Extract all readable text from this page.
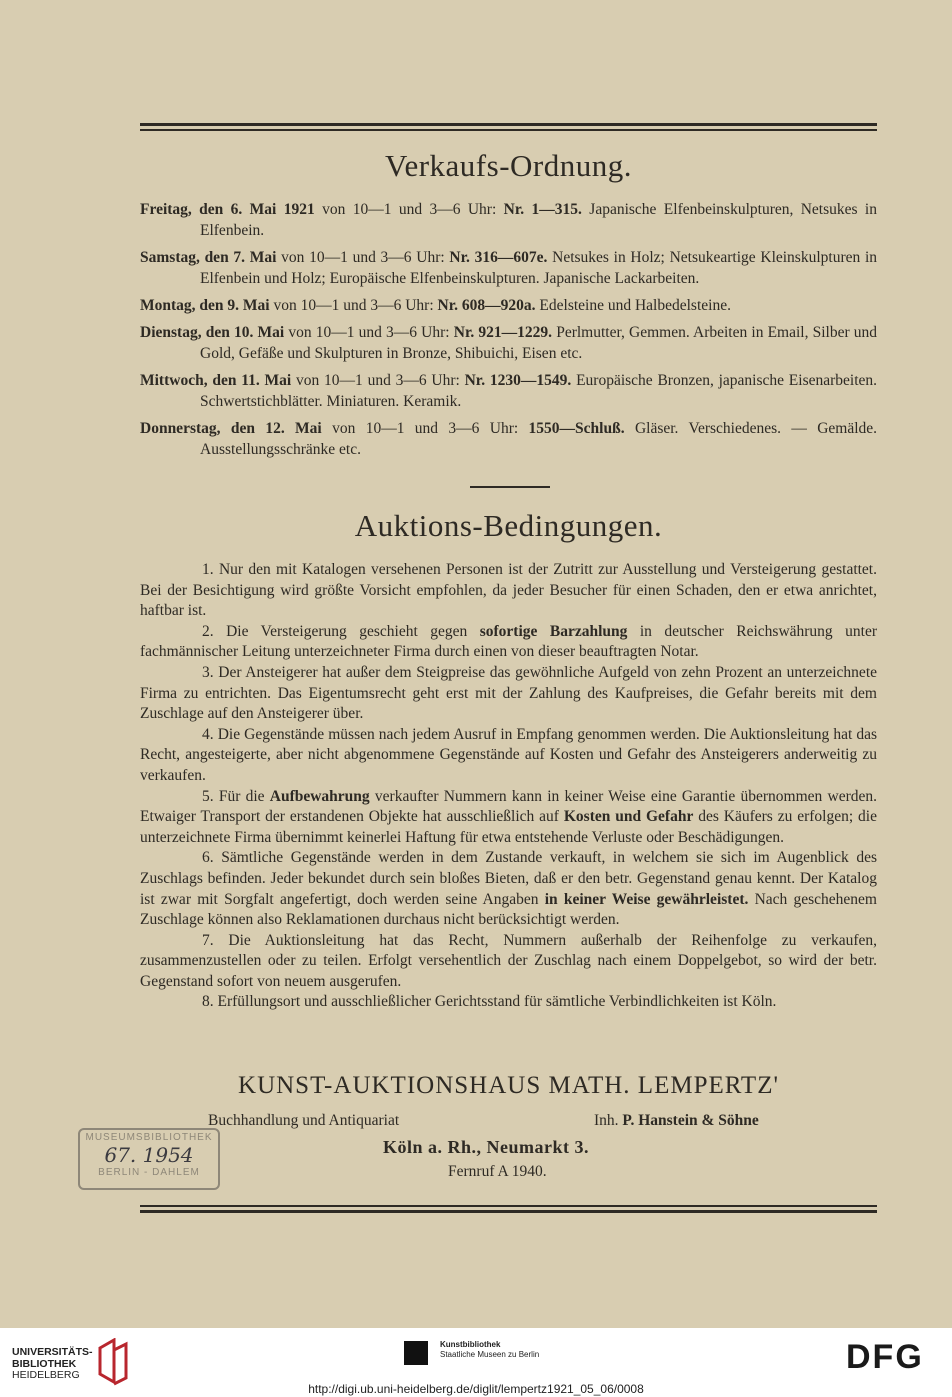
Verkaufs-Ordnung.
Freitag, den 6. Mai 1921 von 10—1 und 3—6 Uhr: Nr. 1—315. Japanische Elfenbeinskulpturen, Netsukes in Elfenbein.
Samstag, den 7. Mai von 10—1 und 3—6 Uhr: Nr. 316—607e. Netsukes in Holz; Netsukeartige Kleinskulpturen in Elfenbein und Holz; Europäische Elfenbeinskulpturen. Japanische Lackarbeiten.
Montag, den 9. Mai von 10—1 und 3—6 Uhr: Nr. 608—920a. Edelsteine und Halbedelsteine.
Dienstag, den 10. Mai von 10—1 und 3—6 Uhr: Nr. 921—1229. Perlmutter, Gemmen. Arbeiten in Email, Silber und Gold, Gefäße und Skulpturen in Bronze, Shibuichi, Eisen etc.
Mittwoch, den 11. Mai von 10—1 und 3—6 Uhr: Nr. 1230—1549. Europäische Bronzen, japanische Eisenarbeiten. Schwertstichblätter. Miniaturen. Keramik.
Donnerstag, den 12. Mai von 10—1 und 3—6 Uhr: 1550—Schluß. Gläser. Verschiedenes. — Gemälde. Ausstellungsschränke etc.
Auktions-Bedingungen.

1. Nur den mit Katalogen versehenen Personen ist der Zutritt zur Ausstellung und Versteigerung gestattet. Bei der Besichtigung wird größte Vorsicht empfohlen, da jeder Besucher für einen Schaden, den er etwa anrichtet, haftbar ist.

2. Die Versteigerung geschieht gegen sofortige Barzahlung in deutscher Reichswährung unter fachmännischer Leitung unterzeichneter Firma durch einen von dieser beauftragten Notar.

3. Der Ansteigerer hat außer dem Steigpreise das gewöhnliche Aufgeld von zehn Prozent an unterzeichnete Firma zu entrichten. Das Eigentumsrecht geht erst mit der Zahlung des Kaufpreises, die Gefahr bereits mit dem Zuschlage auf den Ansteigerer über.

4. Die Gegenstände müssen nach jedem Ausruf in Empfang genommen werden. Die Auktionsleitung hat das Recht, angesteigerte, aber nicht abgenommene Gegenstände auf Kosten und Gefahr des Ansteigerers anderweitig zu verkaufen.

5. Für die Aufbewahrung verkaufter Nummern kann in keiner Weise eine Garantie übernommen werden. Etwaiger Transport der erstandenen Objekte hat ausschließlich auf Kosten und Gefahr des Käufers zu erfolgen; die unterzeichnete Firma übernimmt keinerlei Haftung für etwa entstehende Verluste oder Beschädigungen.

6. Sämtliche Gegenstände werden in dem Zustande verkauft, in welchem sie sich im Augenblick des Zuschlags befinden. Jeder bekundet durch sein bloßes Bieten, daß er den betr. Gegenstand genau kennt. Der Katalog ist zwar mit Sorgfalt angefertigt, doch werden seine Angaben in keiner Weise gewährleistet. Nach geschehenem Zuschlage können also Reklamationen durchaus nicht berücksichtigt werden.

7. Die Auktionsleitung hat das Recht, Nummern außerhalb der Reihenfolge zu verkaufen, zusammenzustellen oder zu teilen. Erfolgt versehentlich der Zuschlag nach einem Doppelgebot, so wird der betr. Gegenstand sofort von neuem ausgerufen.

8. Erfüllungsort und ausschließlicher Gerichtsstand für sämtliche Verbindlichkeiten ist Köln.

KUNST-AUKTIONSHAUS MATH. LEMPERTZ'
Buchhandlung und Antiquariat	Inh. P. Hanstein & Söhne
Köln a. Rh., Neumarkt 3.
Fernruf A 1940.
MUSEUMSBIBLIOTHEK
67. 1954
BERLIN - DAHLEM
UNIVERSITÄTS-
BIBLIOTHEK
HEIDELBERG
Kunstbibliothek
Staatliche Museen zu Berlin	DFG
http://digi.ub.uni-heidelberg.de/diglit/lempertz1921_05_06/0008
